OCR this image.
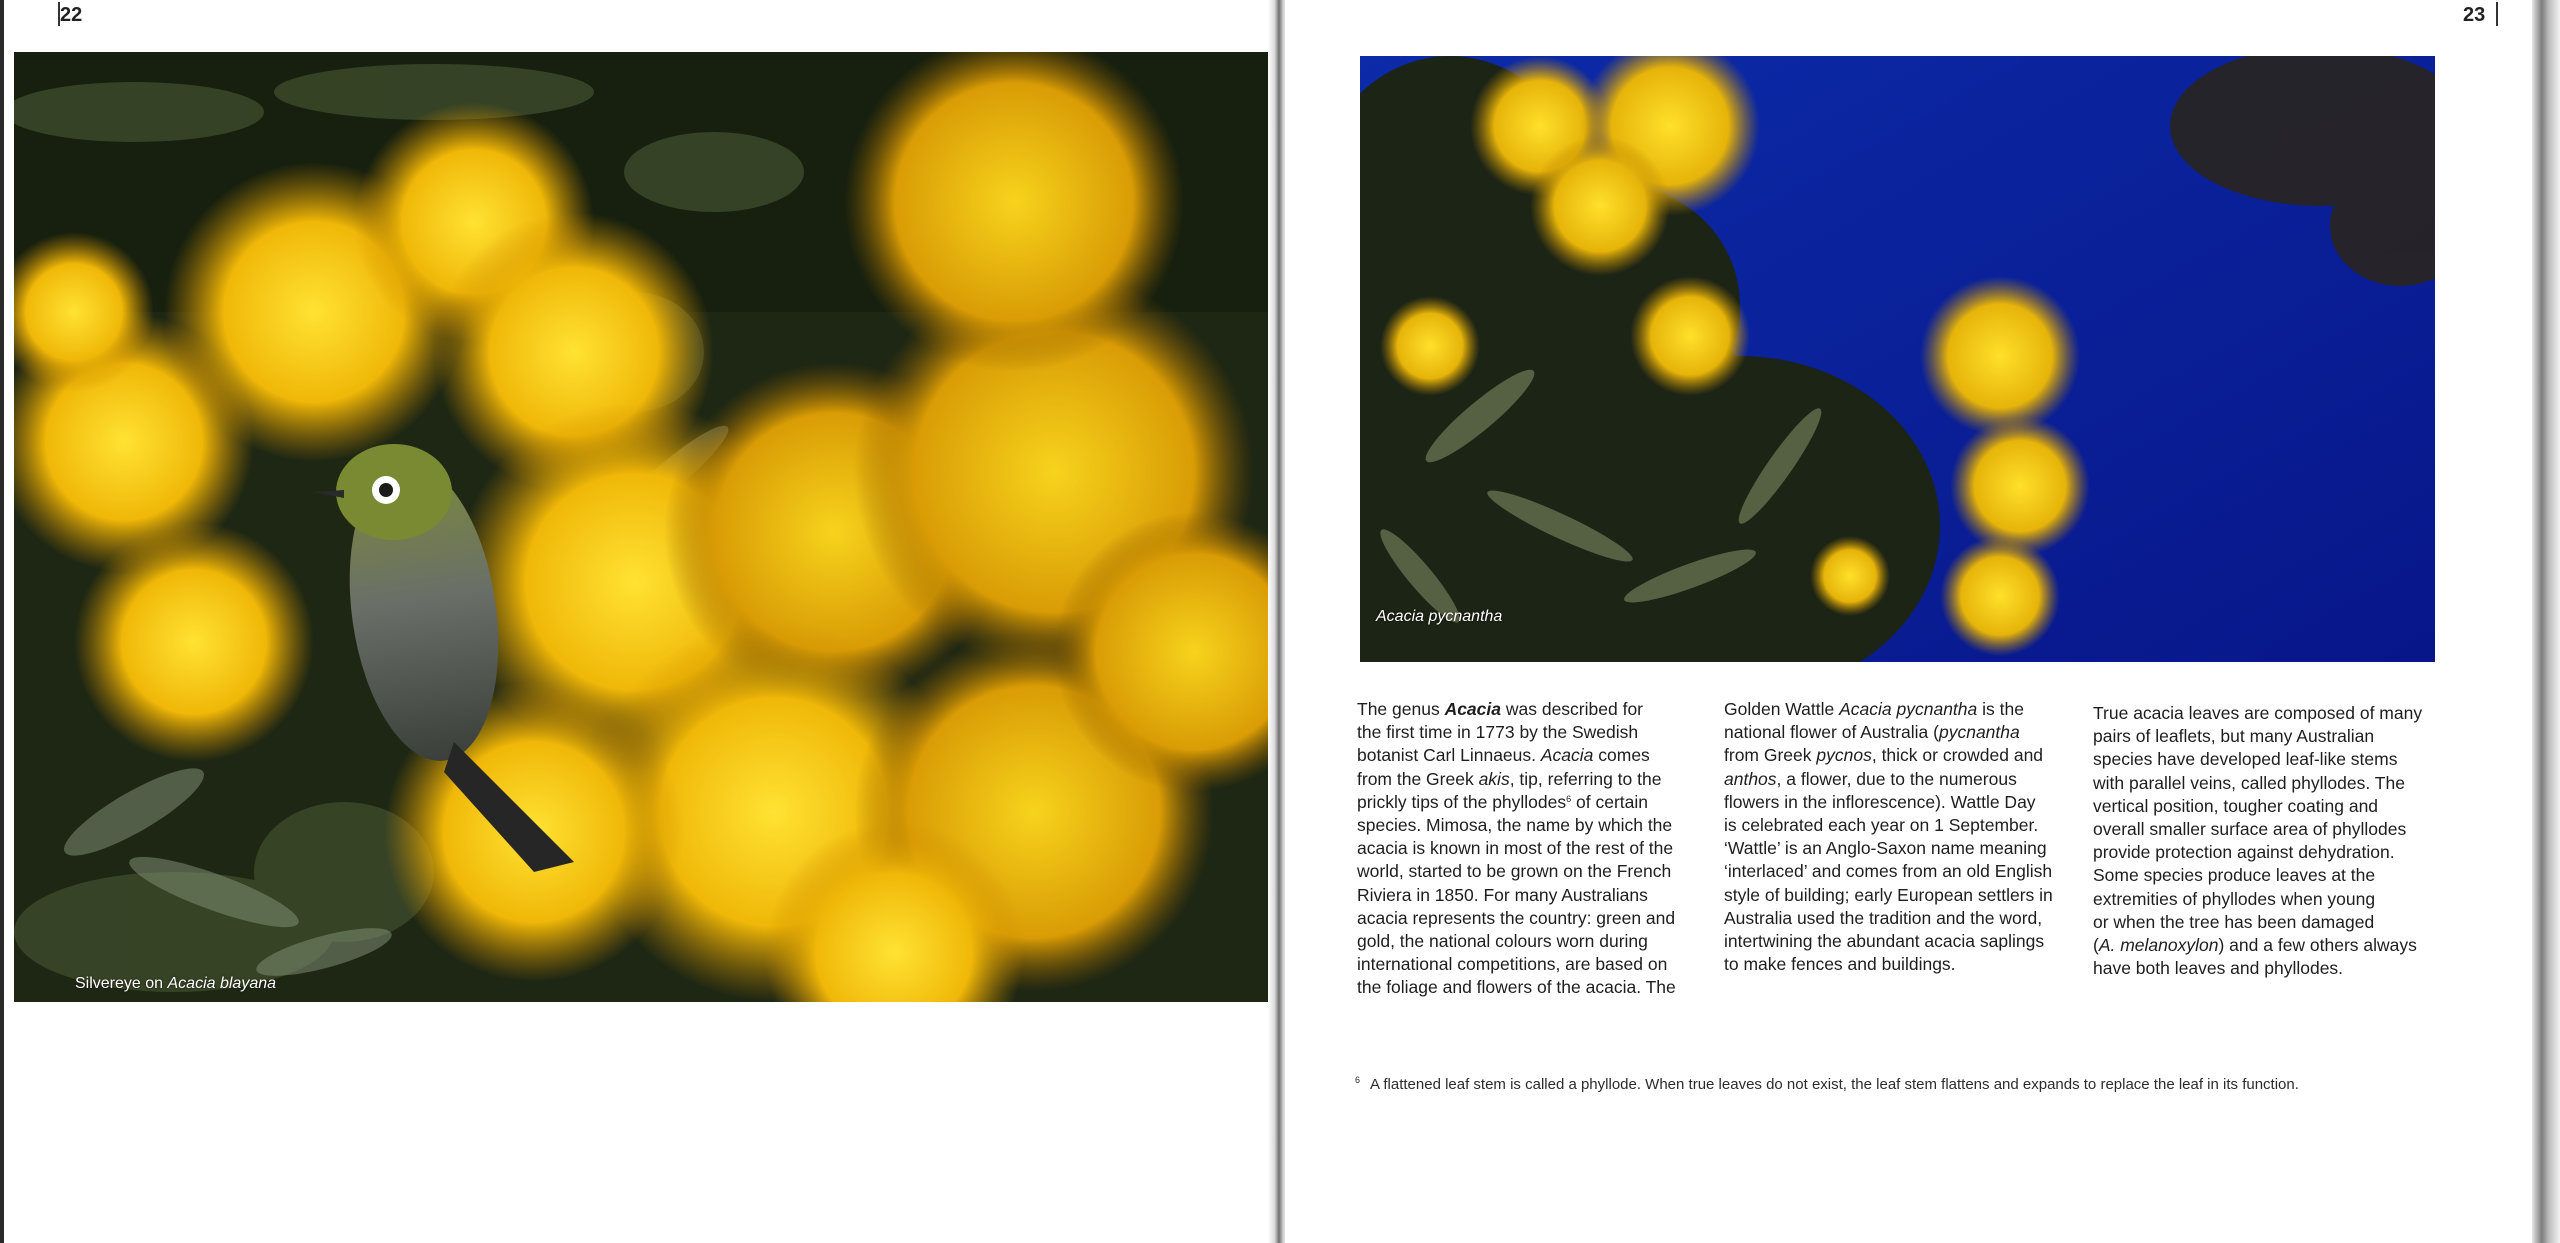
22
Silvereye on Acacia blayana
23
Acacia pycnantha
The genus Acacia was described for
the first time in 1773 by the Swedish
botanist Carl Linnaeus. Acacia comes
from the Greek akis, tip, referring to the
prickly tips of the phyllodes$^6$ of certain
species. Mimosa, the name by which the
acacia is known in most of the rest of the
world, started to be grown on the French
Riviera in 1850. For many Australians
acacia represents the country: green and
gold, the national colours worn during
international competitions, are based on
the foliage and flowers of the acacia. The
Golden Wattle Acacia pycnantha is the
national flower of Australia (pycnantha
from Greek pycnos, thick or crowded and
anthos, a flower, due to the numerous
flowers in the inflorescence). Wattle Day
is celebrated each year on 1 September.
‘Wattle’ is an Anglo-Saxon name meaning
‘interlaced’ and comes from an old English
style of building; early European settlers in
Australia used the tradition and the word,
intertwining the abundant acacia saplings
to make fences and buildings.
True acacia leaves are composed of many
pairs of leaflets, but many Australian
species have developed leaf-like stems
with parallel veins, called phyllodes. The
vertical position, tougher coating and
overall smaller surface area of phyllodes
provide protection against dehydration.
Some species produce leaves at the
extremities of phyllodes when young
or when the tree has been damaged
(A. melanoxylon) and a few others always
have both leaves and phyllodes.
$^6$ A flattened leaf stem is called a phyllode. When true leaves do not exist, the leaf stem flattens and expands to replace the leaf in its function.
